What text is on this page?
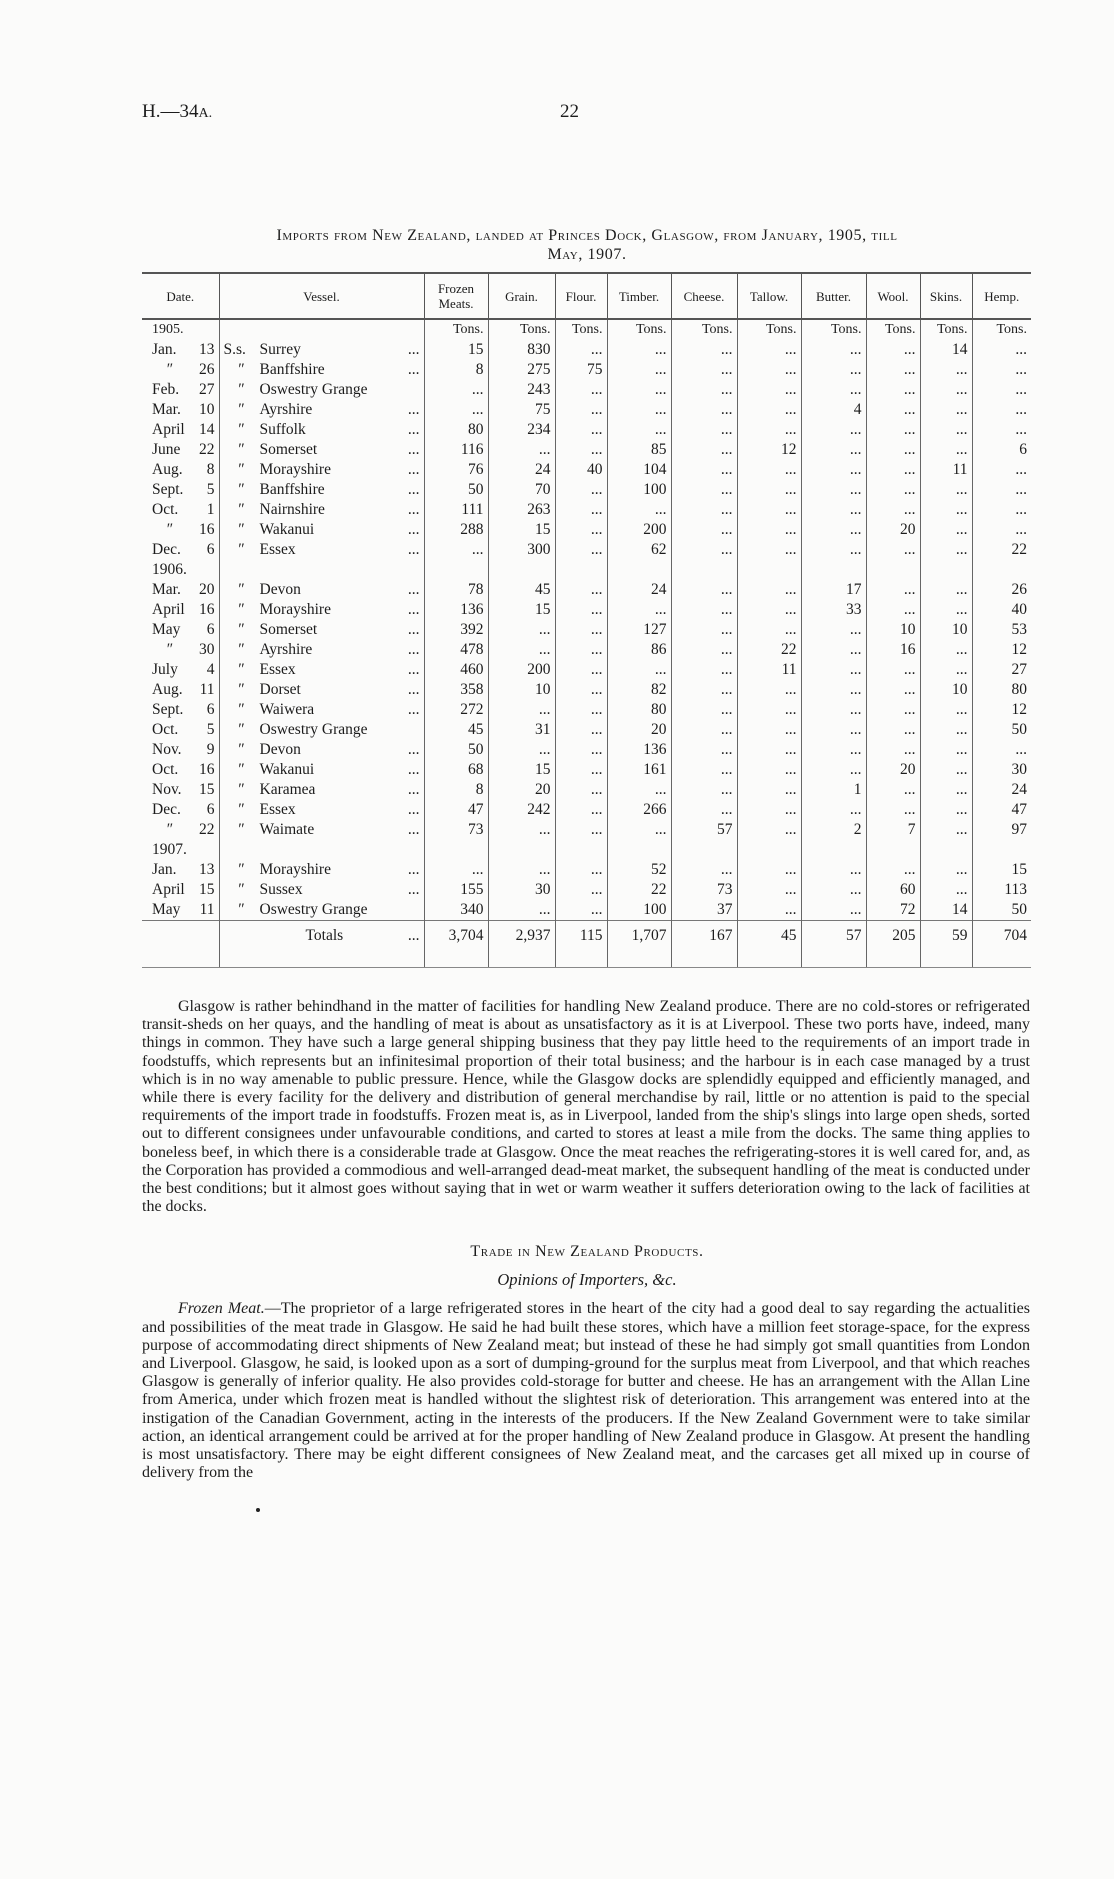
H.—34A.	22
Imports from New Zealand, landed at Princes Dock, Glasgow, from January, 1905, till
May, 1907.
Date.	Vessel.	Frozen Meats.	Grain.	Flour.	Timber.	Cheese.	Tallow.	Butter.	Wool.	Skins.	Hemp.
1905.		Tons.	Tons.	Tons.	Tons.	Tons.	Tons.	Tons.	Tons.	Tons.	Tons.

Jan. 13	S.s. Surrey ...	15	830	...	...	...	...	...	...	14	...

″ 26	″ Banffshire ...	8	275	75	...	...	...	...	...	...	...

Feb. 27	″ Oswestry Grange	...	243	...	...	...	...	...	...	...	...

Mar. 10	″ Ayrshire ...	...	75	...	...	...	...	4	...	...	...

April 14	″ Suffolk ...	80	234	...	...	...	...	...	...	...	...

June 22	″ Somerset ...	116	...	...	85	...	12	...	...	...	6

Aug. 8	″ Morayshire ...	76	24	40	104	...	...	...	...	11	...

Sept. 5	″ Banffshire ...	50	70	...	100	...	...	...	...	...	...

Oct. 1	″ Nairnshire ...	111	263	...	...	...	...	...	...	...	...

″ 16	″ Wakanui ...	288	15	...	200	...	...	...	20	...	...

Dec. 6	″ Essex ...	...	300	...	62	...	...	...	...	...	22
1906.											

Mar. 20	″ Devon ...	78	45	...	24	...	...	17	...	...	26

April 16	″ Morayshire ...	136	15	...	...	...	...	33	...	...	40

May 6	″ Somerset ...	392	...	...	127	...	...	...	10	10	53

″ 30	″ Ayrshire ...	478	...	...	86	...	22	...	16	...	12

July 4	″ Essex ...	460	200	...	...	...	11	...	...	...	27

Aug. 11	″ Dorset ...	358	10	...	82	...	...	...	...	10	80

Sept. 6	″ Waiwera ...	272	...	...	80	...	...	...	...	...	12

Oct. 5	″ Oswestry Grange	45	31	...	20	...	...	...	...	...	50

Nov. 9	″ Devon ...	50	...	...	136	...	...	...	...	...	...

Oct. 16	″ Wakanui ...	68	15	...	161	...	...	...	20	...	30

Nov. 15	″ Karamea ...	8	20	...	...	...	...	1	...	...	24

Dec. 6	″ Essex ...	47	242	...	266	...	...	...	...	...	47

″ 22	″ Waimate ...	73	...	...	...	57	...	2	7	...	97
1907.											

Jan. 13	″ Morayshire ...	...	...	...	52	...	...	...	...	...	15

April 15	″ Sussex ...	155	30	...	22	73	...	...	60	...	113

May 11	″ Oswestry Grange	340	...	...	100	37	...	...	72	14	50

	Totals ...	3,704	2,937	115	1,707	167	45	57	205	59	704

Glasgow is rather behindhand in the matter of facilities for handling New Zealand produce. There are no cold-stores or refrigerated transit-sheds on her quays, and the handling of meat is about as unsatisfactory as it is at Liverpool. These two ports have, indeed, many things in common. They have such a large general shipping business that they pay little heed to the requirements of an import trade in foodstuffs, which represents but an infinitesimal proportion of their total business; and the harbour is in each case managed by a trust which is in no way amenable to public pressure. Hence, while the Glasgow docks are splendidly equipped and efficiently managed, and while there is every facility for the delivery and distribution of general merchandise by rail, little or no attention is paid to the special requirements of the import trade in foodstuffs. Frozen meat is, as in Liverpool, landed from the ship's slings into large open sheds, sorted out to different consignees under unfavourable conditions, and carted to stores at least a mile from the docks. The same thing applies to boneless beef, in which there is a considerable trade at Glasgow. Once the meat reaches the refrigerating-stores it is well cared for, and, as the Corporation has provided a commodious and well-arranged dead-meat market, the subsequent handling of the meat is conducted under the best conditions; but it almost goes without saying that in wet or warm weather it suffers deterioration owing to the lack of facilities at the docks.
Trade in New Zealand Products.
Opinions of Importers, &c.
Frozen Meat.—The proprietor of a large refrigerated stores in the heart of the city had a good deal to say regarding the actualities and possibilities of the meat trade in Glasgow. He said he had built these stores, which have a million feet storage-space, for the express purpose of accommodating direct shipments of New Zealand meat; but instead of these he had simply got small quantities from London and Liverpool. Glasgow, he said, is looked upon as a sort of dumping-ground for the surplus meat from Liverpool, and that which reaches Glasgow is generally of inferior quality. He also provides cold-storage for butter and cheese. He has an arrangement with the Allan Line from America, under which frozen meat is handled without the slightest risk of deterioration. This arrangement was entered into at the instigation of the Canadian Government, acting in the interests of the producers. If the New Zealand Government were to take similar action, an identical arrangement could be arrived at for the proper handling of New Zealand produce in Glasgow. At present the handling is most unsatisfactory. There may be eight different consignees of New Zealand meat, and the carcases get all mixed up in course of delivery from the
